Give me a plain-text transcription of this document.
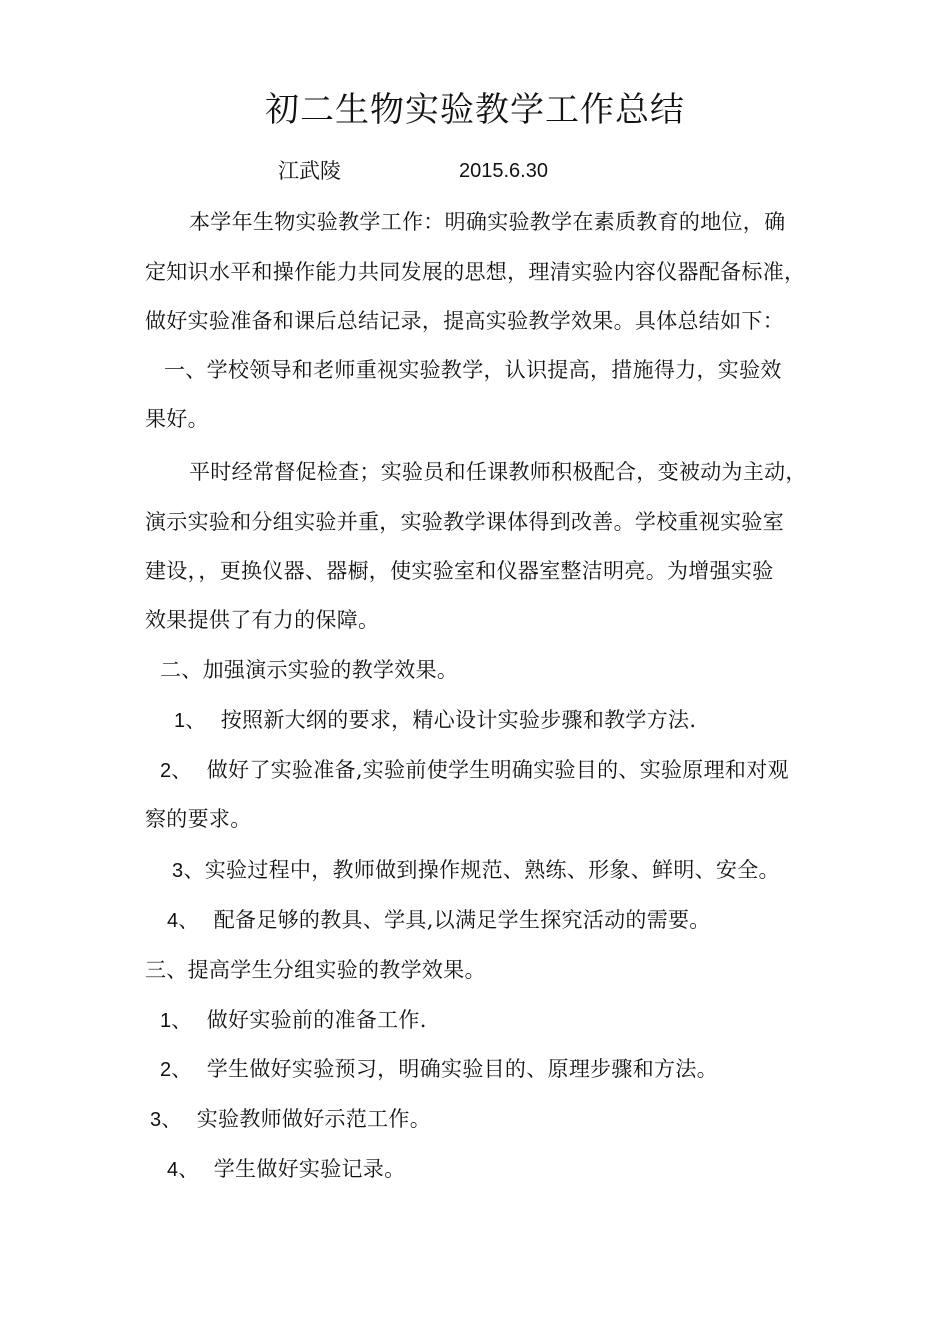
初二生物实验教学工作总结
江武陵	2015.6.30
本学年生物实验教学工作：明确实验教学在素质教育的地位，确
定知识水平和操作能力共同发展的思想，理清实验内容仪器配备标准，
做好实验准备和课后总结记录，提高实验教学效果。具体总结如下：
一、学校领导和老师重视实验教学，认识提高，措施得力，实验效
果好。
平时经常督促检查；实验员和任课教师积极配合，变被动为主动，
演示实验和分组实验并重，实验教学课体得到改善。学校重视实验室
建设，，更换仪器、器橱，使实验室和仪器室整洁明亮。为增强实验
效果提供了有力的保障。
二、加强演示实验的教学效果。
1、 按照新大纲的要求，精心设计实验步骤和教学方法.
2、 做好了实验准备,实验前使学生明确实验目的、实验原理和对观
察的要求。
3、实验过程中，教师做到操作规范、熟练、形象、鲜明、安全。
4、 配备足够的教具、学具,以满足学生探究活动的需要。
三、提高学生分组实验的教学效果。
1、 做好实验前的准备工作.
2、 学生做好实验预习，明确实验目的、原理步骤和方法。
3、 实验教师做好示范工作。
4、 学生做好实验记录。
